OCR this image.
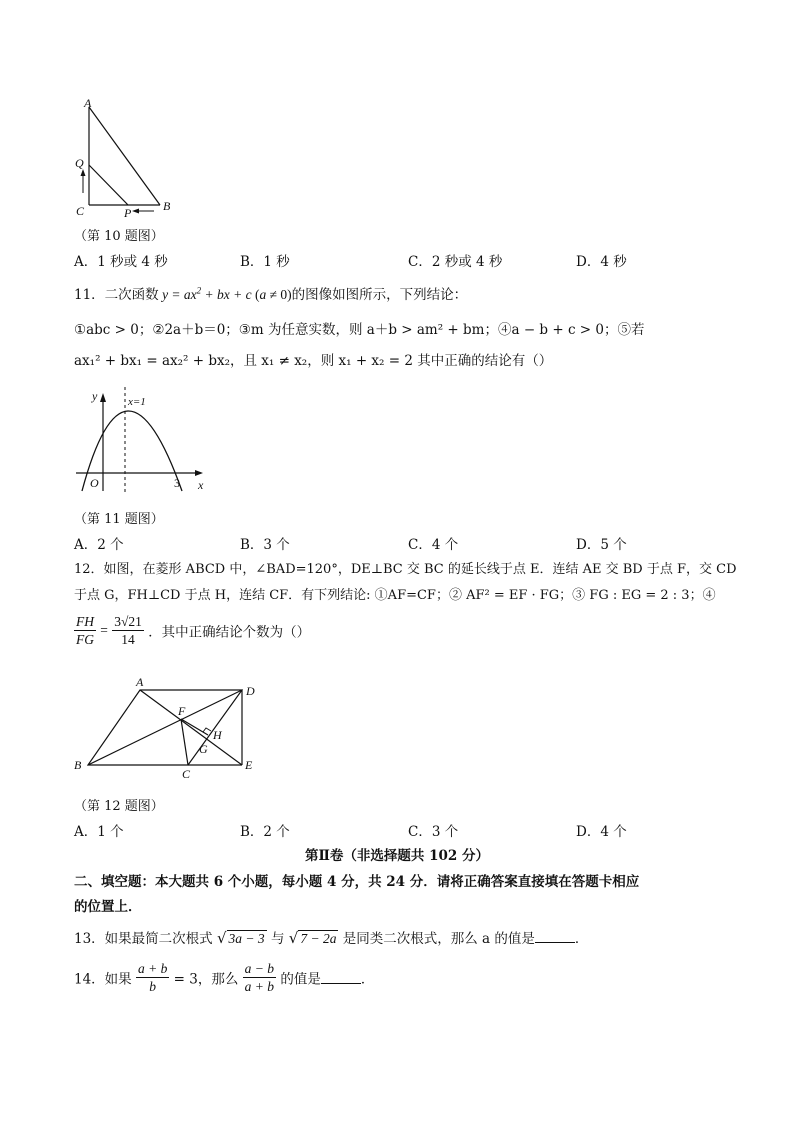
A
Q
C	P	B
（第 10 题图）
A．1 秒或 4 秒	B．1 秒	C．2 秒或 4 秒	D．4 秒
11．二次函数 $y = ax^2$ + bx + c (a ≠ 0)的图像如图所示，下列结论：
①abc > 0；②2a＋b＝0；③m 为任意实数，则 a＋b > am² + bm；④a − b + c > 0；⑤若
ax₁² + bx₁ = ax₂² + bx₂，且 x₁ ≠ x₂，则 x₁ + x₂ = 2 其中正确的结论有（）
y
x
O	3
x=1
（第 11 题图）
A．2 个	B．3 个	C．4 个	D．5 个
12．如图，在菱形 ABCD 中，∠BAD=120°，DE⊥BC 交 BC 的延长线于点 E．连结 AE 交 BD 于点 F，交 CD
于点 G，FH⊥CD 于点 H，连结 CF．有下列结论: ①AF=CF；② AF² = EF · FG；③ FG : EG = 2 : 3；④
$\frac{FH}{FG} = \frac{3√21}{14}$ ．其中正确结论个数为（）
A
D
F
H
G
B
C
E
（第 12 题图）
A．1 个	B．2 个	C．3 个	D．4 个
第Ⅱ卷（非选择题共 102 分）
二、填空题：本大题共 6 个小题，每小题 4 分，共 24 分．请将正确答案直接填在答题卡相应
的位置上．
13．如果最简二次根式 √ 3a − 3 与 √ 7 − 2a 是同类二次根式，那么 a 的值是	．
14．如果 $\frac{a + b}{b} = 3$，那么 $\frac{a - b}{a + b}$ 的值是	．
